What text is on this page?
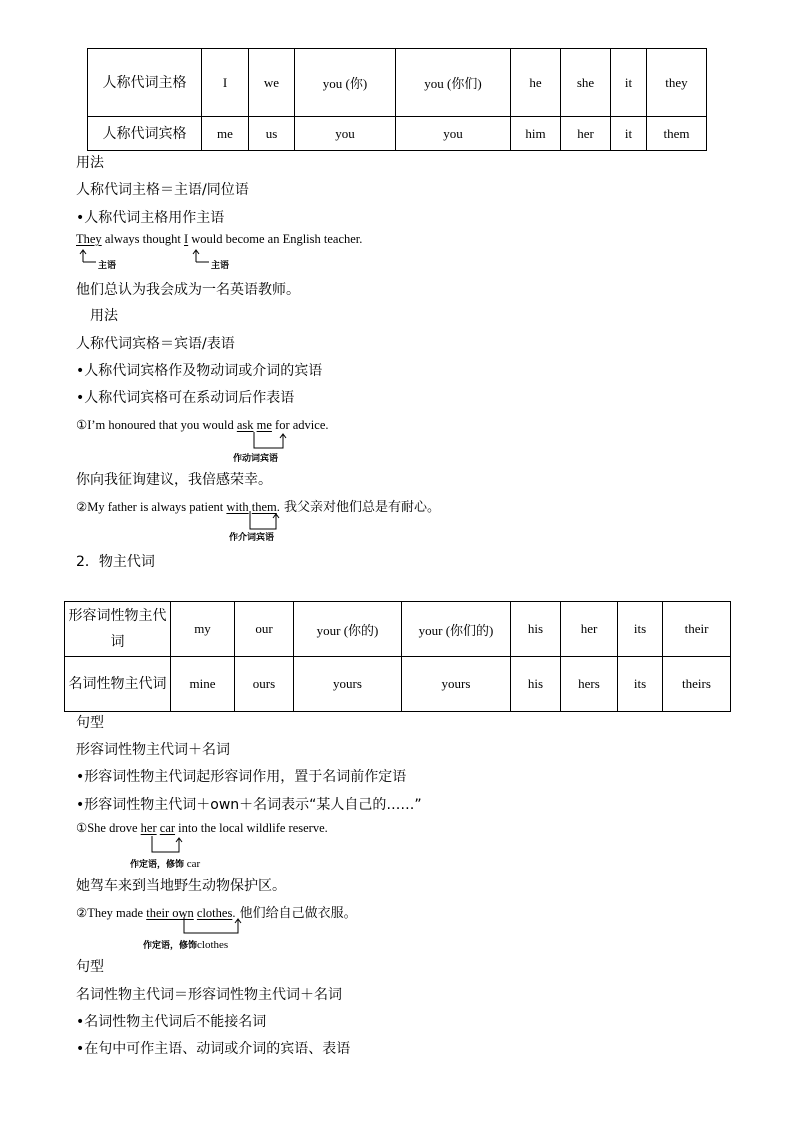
人称代词主格	I	we	you (你)	you (你们)	he	she	it	they
人称代词宾格	me	us	you	you	him	her	it	them
用法
人称代词主格＝主语/同位语
•人称代词主格用作主语
They always thought I would become an English teacher.
主语	主语
他们总认为我会成为一名英语教师。
用法
人称代词宾格＝宾语/表语
•人称代词宾格作及物动词或介词的宾语
•人称代词宾格可在系动词后作表语
①I’m honoured that you would ask me for advice.
作动词宾语
你向我征询建议，我倍感荣幸。
②My father is always patient with them. 我父亲对他们总是有耐心。
作介词宾语
2．物主代词
形容词性物主代词	my	our	your (你的)	your (你们的)	his	her	its	their
名词性物主代词	mine	ours	yours	yours	his	hers	its	theirs
句型
形容词性物主代词＋名词
•形容词性物主代词起形容词作用，置于名词前作定语
•形容词性物主代词＋own＋名词表示“某人自己的……”
①She drove her car into the local wildlife reserve.
作定语，修饰 car
她驾车来到当地野生动物保护区。
②They made their own clothes. 他们给自己做衣服。
作定语，修饰clothes
句型
名词性物主代词＝形容词性物主代词＋名词
•名词性物主代词后不能接名词
•在句中可作主语、动词或介词的宾语、表语
